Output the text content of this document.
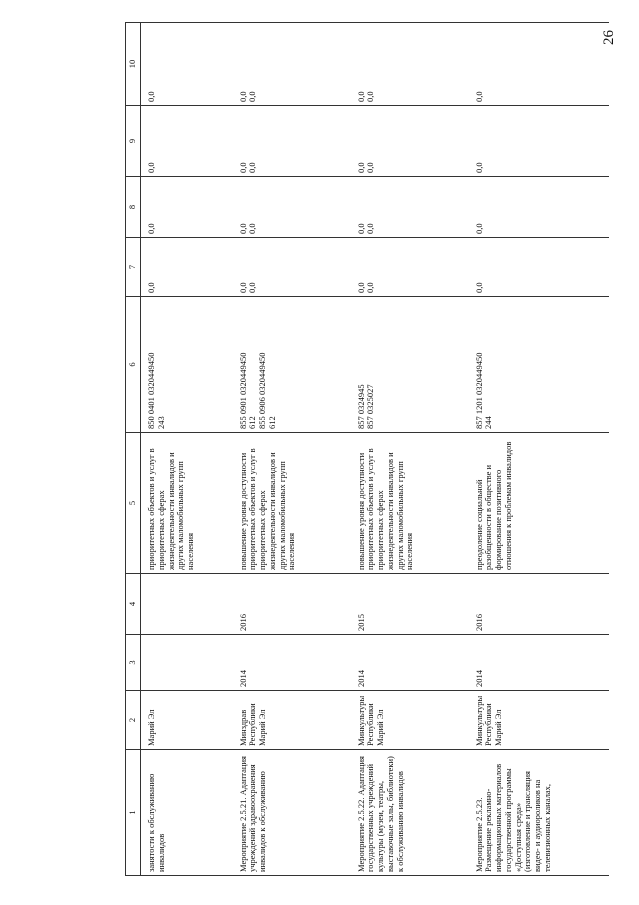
26
1	2	3	4	5	6	7	8	9	10
занятости к обслуживанию инвалидов	Марий Эл			приоритетных объектов и услуг в приоритетных сферах жизнедеятельности инвалидов и других маломобильных групп населения	850 0401 0320449450 243	0,0	0,0	0,0	0,0
Мероприятие 2.5.21. Адаптация учреждений здравоохранения инвалидов к обслуживанию	Минздрав Республики Марий Эл	2014	2016	повышение уровня доступности приоритетных объектов и услуг в приоритетных сферах жизнедеятельности инвалидов и других маломобильных групп населения	855 0901 0320449450 612 855 0906 0320449450 612	0,0 0,0	0,0 0,0	0,0 0,0	0,0 0,0

Мероприятие 2.5.22. Адаптация государственных учреждений культуры (музеи, театры, выставочные залы, библиотеки) к обслуживанию инвалидов	Минкультуры Республики Марий Эл	2014	2015	повышение уровня доступности приоритетных объектов и услуг в приоритетных сферах жизнедеятельности инвалидов и других маломобильных групп населения	857 0324945 857 0325027	0,0 0,0	0,0 0,0	0,0 0,0	0,0 0,0

Мероприятие 2.5.23. Размещение рекламно-информационных материалов государственной программы «Доступная среда» (изготовление и трансляция видео- и аудиороликов на телевизионных каналах,	Минкультуры Республики Марий Эл	2014	2016	преодоление социальной разобщенности в обществе и формирование позитивного отношения к проблемам инвалидов	857 1201 0320449450 244	0,0	0,0	0,0	0,0
